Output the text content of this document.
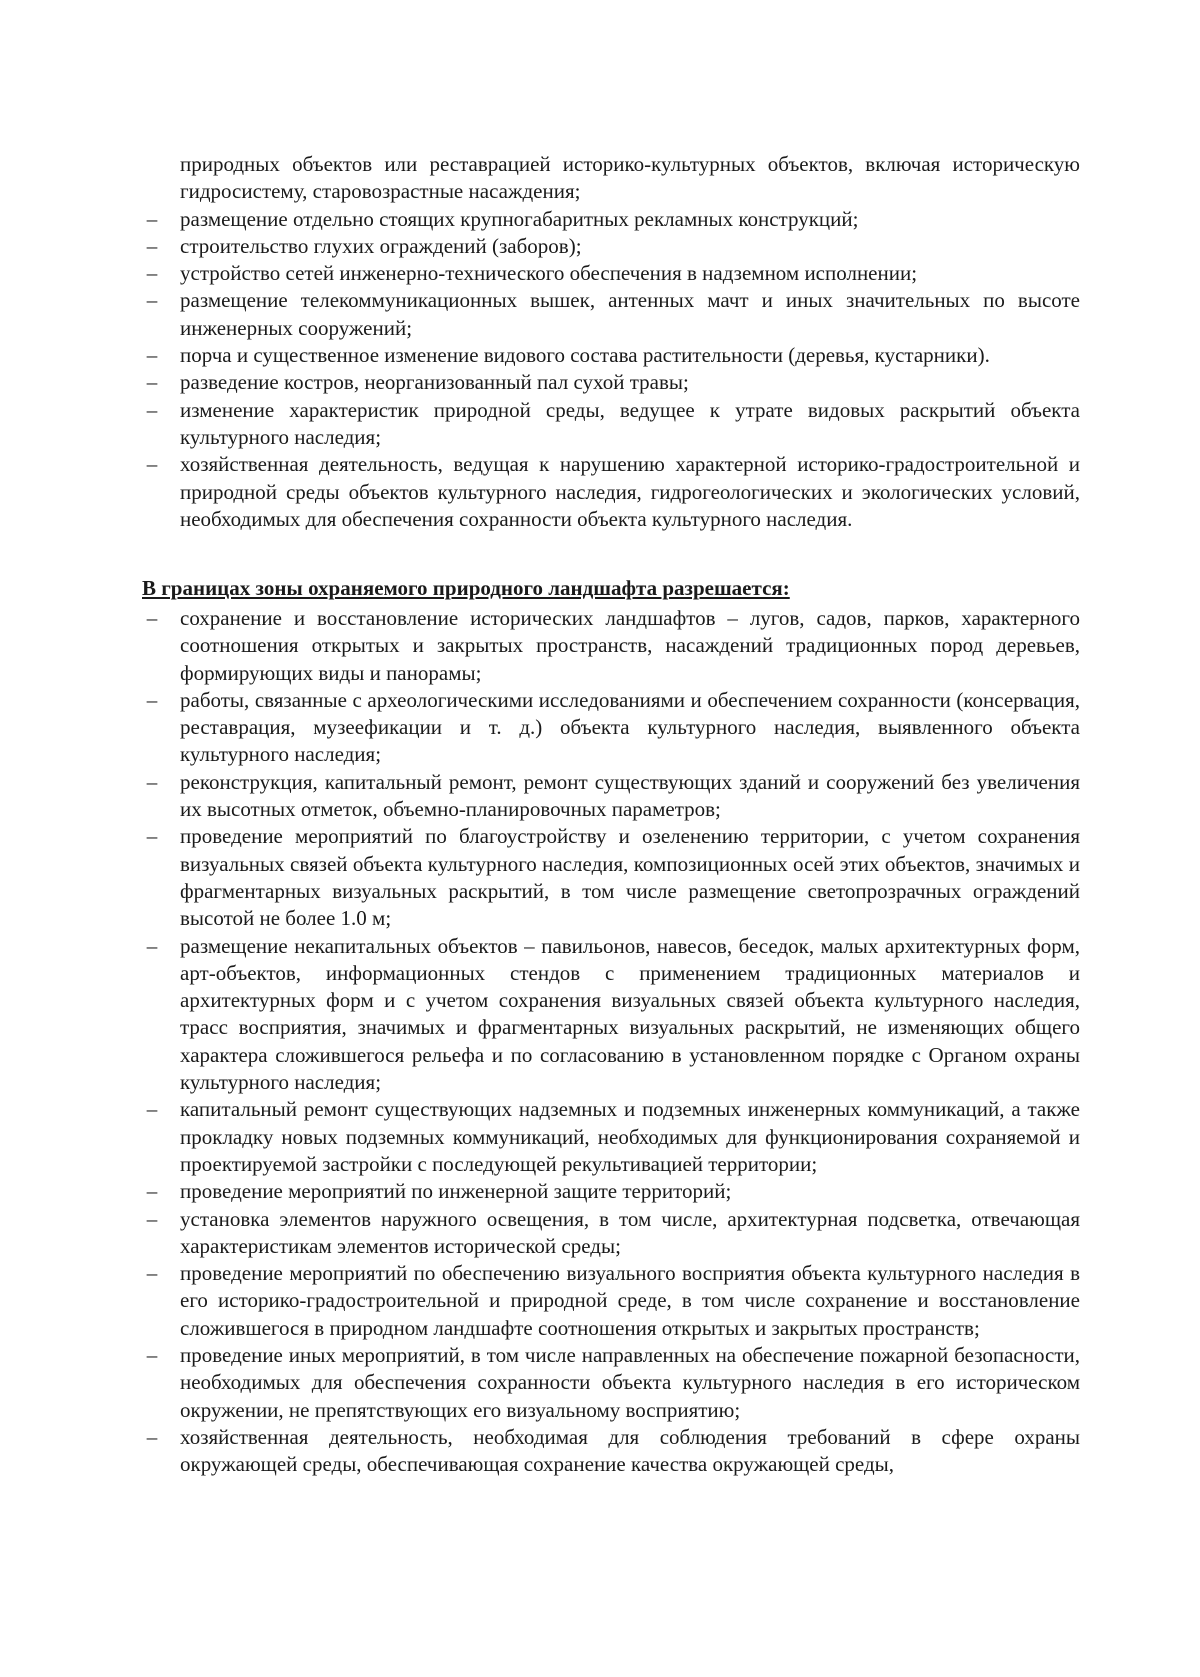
природных объектов или реставрацией историко-культурных объектов, включая историческую гидросистему, старовозрастные насаждения;
– размещение отдельно стоящих крупногабаритных рекламных конструкций;
– строительство глухих ограждений (заборов);
– устройство сетей инженерно-технического обеспечения в надземном исполнении;
– размещение телекоммуникационных вышек, антенных мачт и иных значительных по высоте инженерных сооружений;
– порча и существенное изменение видового состава растительности (деревья, кустарники).
– разведение костров, неорганизованный пал сухой травы;
– изменение характеристик природной среды, ведущее к утрате видовых раскрытий объекта культурного наследия;
– хозяйственная деятельность, ведущая к нарушению характерной историко-градостроительной и природной среды объектов культурного наследия, гидрогеологических и экологических условий, необходимых для обеспечения сохранности объекта культурного наследия.

В границах зоны охраняемого природного ландшафта разрешается:

– сохранение и восстановление исторических ландшафтов – лугов, садов, парков, характерного соотношения открытых и закрытых пространств, насаждений традиционных пород деревьев, формирующих виды и панорамы;
– работы, связанные с археологическими исследованиями и обеспечением сохранности (консервация, реставрация, музеефикации и т. д.) объекта культурного наследия, выявленного объекта культурного наследия;
– реконструкция, капитальный ремонт, ремонт существующих зданий и сооружений без увеличения их высотных отметок, объемно-планировочных параметров;
– проведение мероприятий по благоустройству и озеленению территории, с учетом сохранения визуальных связей объекта культурного наследия, композиционных осей этих объектов, значимых и фрагментарных визуальных раскрытий, в том числе размещение светопрозрачных ограждений высотой не более 1.0 м;
– размещение некапитальных объектов – павильонов, навесов, беседок, малых архитектурных форм, арт-объектов, информационных стендов с применением традиционных материалов и архитектурных форм и с учетом сохранения визуальных связей объекта культурного наследия, трасс восприятия, значимых и фрагментарных визуальных раскрытий, не изменяющих общего характера сложившегося рельефа и по согласованию в установленном порядке с Органом охраны культурного наследия;
– капитальный ремонт существующих надземных и подземных инженерных коммуникаций, а также прокладку новых подземных коммуникаций, необходимых для функционирования сохраняемой и проектируемой застройки с последующей рекультивацией территории;
– проведение мероприятий по инженерной защите территорий;
– установка элементов наружного освещения, в том числе, архитектурная подсветка, отвечающая характеристикам элементов исторической среды;
– проведение мероприятий по обеспечению визуального восприятия объекта культурного наследия в его историко-градостроительной и природной среде, в том числе сохранение и восстановление сложившегося в природном ландшафте соотношения открытых и закрытых пространств;
– проведение иных мероприятий, в том числе направленных на обеспечение пожарной безопасности, необходимых для обеспечения сохранности объекта культурного наследия в его историческом окружении, не препятствующих его визуальному восприятию;
– хозяйственная деятельность, необходимая для соблюдения требований в сфере охраны окружающей среды, обеспечивающая сохранение качества окружающей среды,
